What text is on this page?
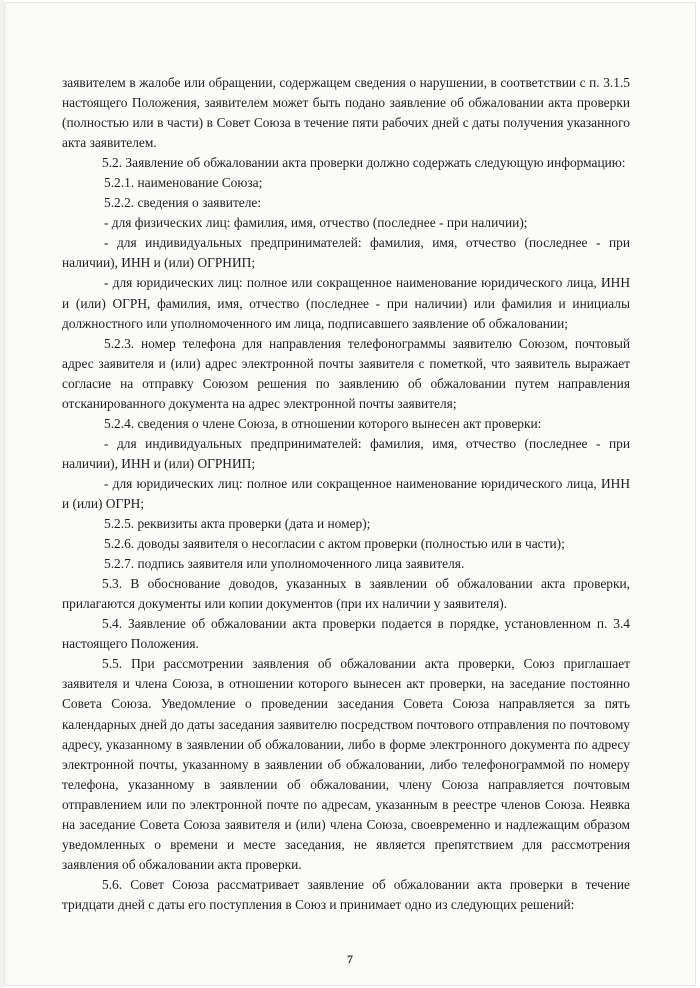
заявителем в жалобе или обращении, содержащем сведения о нарушении, в соответствии с п. 3.1.5 настоящего Положения, заявителем может быть подано заявление об обжаловании акта проверки (полностью или в части) в Совет Союза в течение пяти рабочих дней с даты получения указанного акта заявителем.

5.2. Заявление об обжаловании акта проверки должно содержать следующую информацию:

5.2.1. наименование Союза;

5.2.2. сведения о заявителе:

- для физических лиц: фамилия, имя, отчество (последнее - при наличии);

- для индивидуальных предпринимателей: фамилия, имя, отчество (последнее - при наличии), ИНН и (или) ОГРНИП;

- для юридических лиц: полное или сокращенное наименование юридического лица, ИНН и (или) ОГРН, фамилия, имя, отчество (последнее - при наличии) или фамилия и инициалы должностного или уполномоченного им лица, подписавшего заявление об обжаловании;

5.2.3. номер телефона для направления телефонограммы заявителю Союзом, почтовый адрес заявителя и (или) адрес электронной почты заявителя с пометкой, что заявитель выражает согласие на отправку Союзом решения по заявлению об обжаловании путем направления отсканированного документа на адрес электронной почты заявителя;

5.2.4. сведения о члене Союза, в отношении которого вынесен акт проверки:

- для индивидуальных предпринимателей: фамилия, имя, отчество (последнее - при наличии), ИНН и (или) ОГРНИП;

- для юридических лиц: полное или сокращенное наименование юридического лица, ИНН и (или) ОГРН;

5.2.5. реквизиты акта проверки (дата и номер);

5.2.6. доводы заявителя о несогласии с актом проверки (полностью или в части);

5.2.7. подпись заявителя или уполномоченного лица заявителя.

5.3. В обоснование доводов, указанных в заявлении об обжаловании акта проверки, прилагаются документы или копии документов (при их наличии у заявителя).

5.4. Заявление об обжаловании акта проверки подается в порядке, установленном п. 3.4 настоящего Положения.

5.5. При рассмотрении заявления об обжаловании акта проверки, Союз приглашает заявителя и члена Союза, в отношении которого вынесен акт проверки, на заседание постоянно Совета Союза. Уведомление о проведении заседания Совета Союза направляется за пять календарных дней до даты заседания заявителю посредством почтового отправления по почтовому адресу, указанному в заявлении об обжаловании, либо в форме электронного документа по адресу электронной почты, указанному в заявлении об обжаловании, либо телефонограммой по номеру телефона, указанному в заявлении об обжаловании, члену Союза направляется почтовым отправлением или по электронной почте по адресам, указанным в реестре членов Союза. Неявка на заседание Совета Союза заявителя и (или) члена Союза, своевременно и надлежащим образом уведомленных о времени и месте заседания, не является препятствием для рассмотрения заявления об обжаловании акта проверки.

5.6. Совет Союза рассматривает заявление об обжаловании акта проверки в течение тридцати дней с даты его поступления в Союз и принимает одно из следующих решений:

7
